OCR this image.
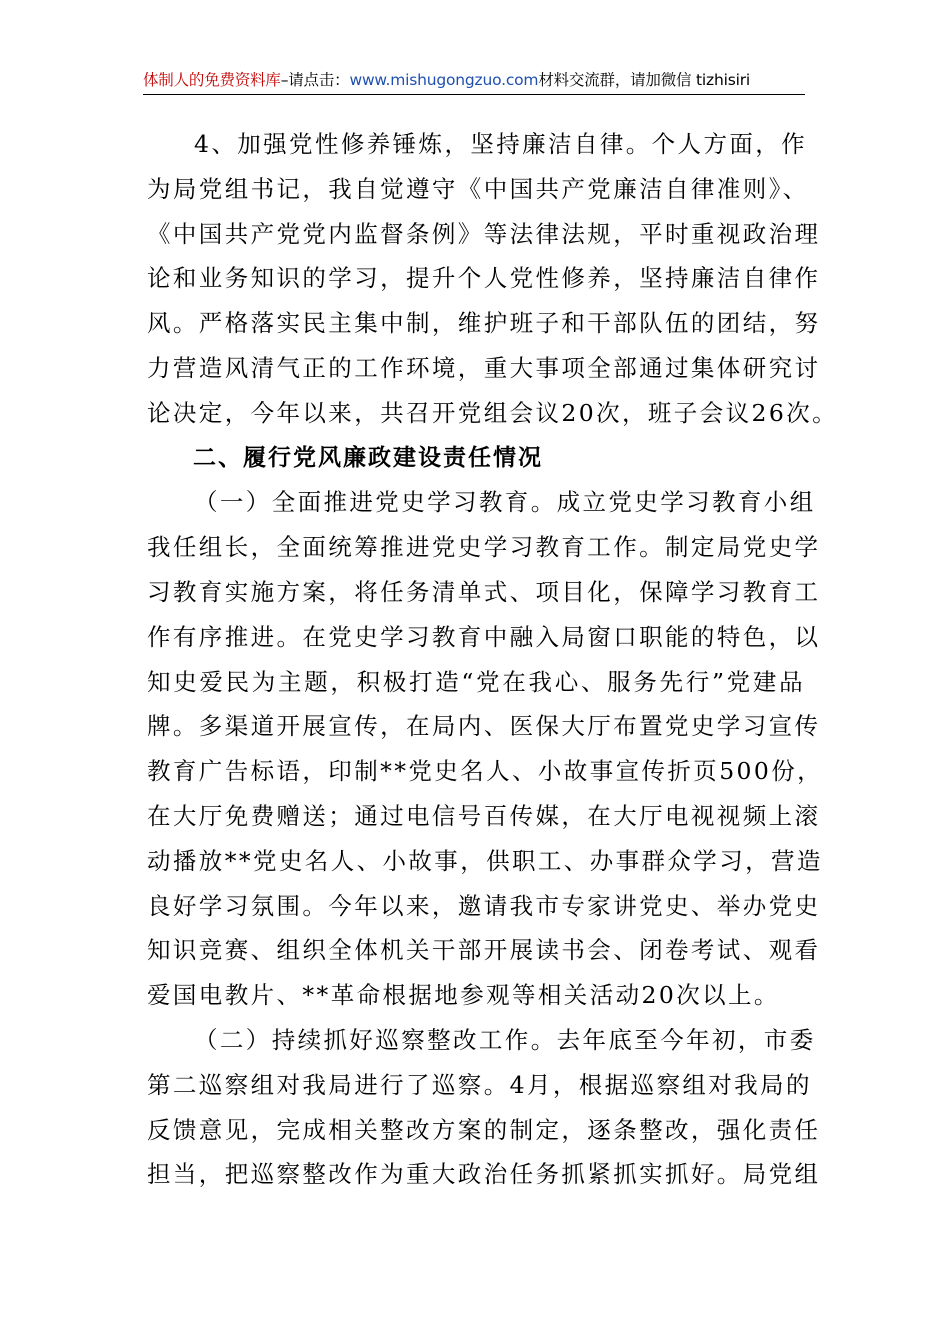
体制人的免费资料库–请点击：www.mishugongzuo.com材料交流群，请加微信 tizhisiri

4、加强党性修养锤炼，坚持廉洁自律。个人方面，作
为局党组书记，我自觉遵守《中国共产党廉洁自律准则》、
《中国共产党党内监督条例》等法律法规，平时重视政治理
论和业务知识的学习，提升个人党性修养，坚持廉洁自律作
风。严格落实民主集中制，维护班子和干部队伍的团结，努
力营造风清气正的工作环境，重大事项全部通过集体研究讨
论决定，今年以来，共召开党组会议20次，班子会议26次。

二、履行党风廉政建设责任情况

（一）全面推进党史学习教育。成立党史学习教育小组
我任组长，全面统筹推进党史学习教育工作。制定局党史学
习教育实施方案，将任务清单式、项目化，保障学习教育工
作有序推进。在党史学习教育中融入局窗口职能的特色，以
知史爱民为主题，积极打造“党在我心、服务先行”党建品
牌。多渠道开展宣传，在局内、医保大厅布置党史学习宣传
教育广告标语，印制**党史名人、小故事宣传折页500份，
在大厅免费赠送；通过电信号百传媒，在大厅电视视频上滚
动播放**党史名人、小故事，供职工、办事群众学习，营造
良好学习氛围。今年以来，邀请我市专家讲党史、举办党史
知识竞赛、组织全体机关干部开展读书会、闭卷考试、观看
爱国电教片、**革命根据地参观等相关活动20次以上。

（二）持续抓好巡察整改工作。去年底至今年初，市委
第二巡察组对我局进行了巡察。4月，根据巡察组对我局的
反馈意见，完成相关整改方案的制定，逐条整改，强化责任
担当，把巡察整改作为重大政治任务抓紧抓实抓好。局党组
